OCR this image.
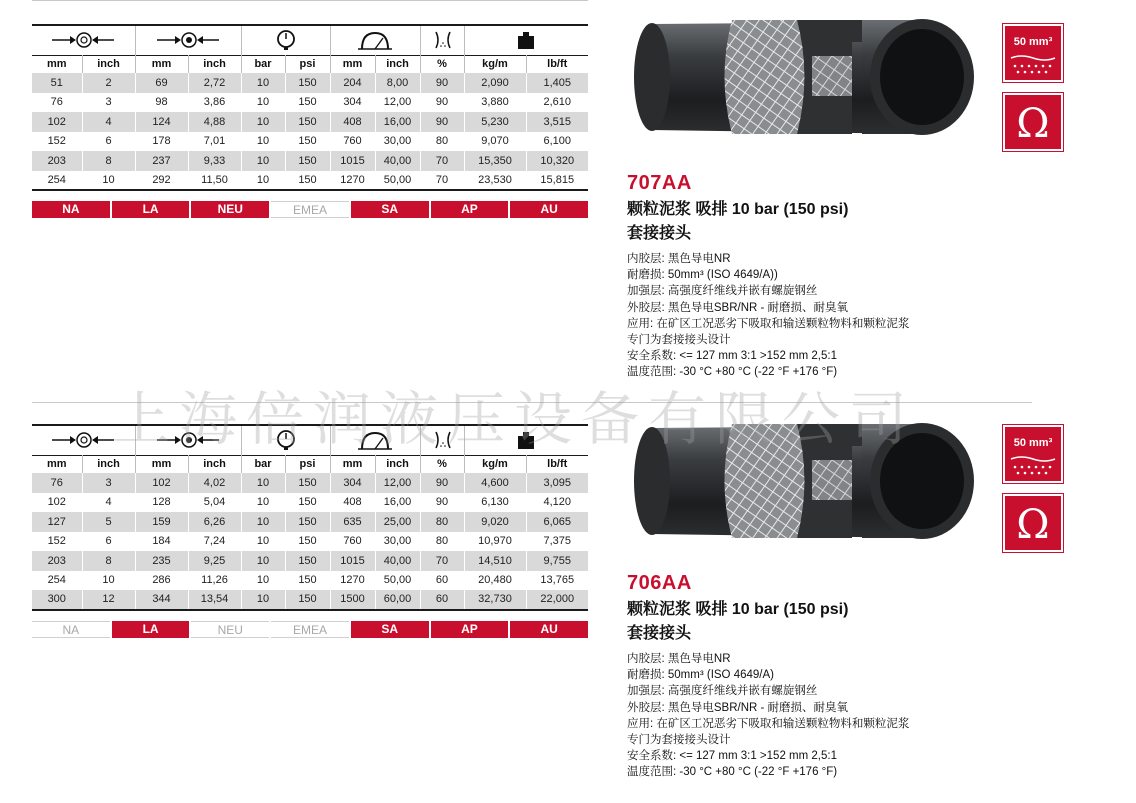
mm	inch	mm	inch	bar	psi	mm	inch	%	kg/m	lb/ft
51	2	69	2,72	10	150	204	8,00	90	2,090	1,405
76	3	98	3,86	10	150	304	12,00	90	3,880	2,610
102	4	124	4,88	10	150	408	16,00	90	5,230	3,515
152	6	178	7,01	10	150	760	30,00	80	9,070	6,100
203	8	237	9,33	10	150	1015	40,00	70	15,350	10,320
254	10	292	11,50	10	150	1270	50,00	70	23,530	15,815
NA	LA	NEU	EMEA	SA	AP	AU

mm	inch	mm	inch	bar	psi	mm	inch	%	kg/m	lb/ft
76	3	102	4,02	10	150	304	12,00	90	4,600	3,095
102	4	128	5,04	10	150	408	16,00	90	6,130	4,120
127	5	159	6,26	10	150	635	25,00	80	9,020	6,065
152	6	184	7,24	10	150	760	30,00	80	10,970	7,375
203	8	235	9,25	10	150	1015	40,00	70	14,510	9,755
254	10	286	11,26	10	150	1270	50,00	60	20,480	13,765
300	12	344	13,54	10	150	1500	60,00	60	32,730	22,000
NA	LA	NEU	EMEA	SA	AP	AU
50 mm³
Ω
50 mm³
Ω
707AA
颗粒泥浆 吸排 10 bar (150 psi)
套接接头
内胶层: 黑色导电NR
耐磨损: 50mm³ (ISO 4649/A))
加强层: 高强度纤维线并嵌有螺旋钢丝
外胶层: 黑色导电SBR/NR - 耐磨损、耐臭氧
应用: 在矿区工况恶劣下吸取和输送颗粒物料和颗粒泥浆
专门为套接接头设计
安全系数: <= 127 mm 3:1 >152 mm 2,5:1
温度范围: -30 °C +80 °C (-22 °F +176 °F)
706AA
颗粒泥浆 吸排 10 bar (150 psi)
套接接头
内胶层: 黑色导电NR
耐磨损: 50mm³ (ISO 4649/A)
加强层: 高强度纤维线并嵌有螺旋钢丝
外胶层: 黑色导电SBR/NR - 耐磨损、耐臭氧
应用: 在矿区工况恶劣下吸取和输送颗粒物料和颗粒泥浆
专门为套接接头设计
安全系数: <= 127 mm 3:1 >152 mm 2,5:1
温度范围: -30 °C +80 °C (-22 °F +176 °F)
上海倍润液压设备有限公司
